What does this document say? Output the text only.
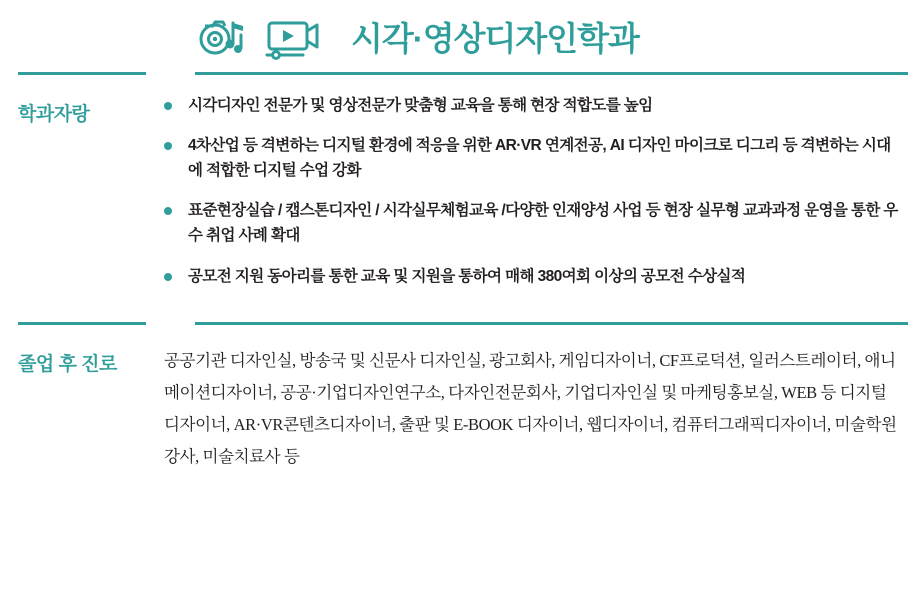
시각·영상디자인학과
학과자랑	시각디자인 전문가 및 영상전문가 맞춤형 교육을 통해 현장 적합도를 높임
4차산업 등 격변하는 디지털 환경에 적응을 위한 AR·VR 연계전공, AI 디자인 마이크로 디그리 등 격변하는 시대에 적합한 디지털 수업 강화
표준현장실습 / 캡스톤디자인 / 시각실무체험교육 /다양한 인재양성 사업 등 현장 실무형 교과과정 운영을 통한 우수 취업 사례 확대
공모전 지원 동아리를 통한 교육 및 지원을 통하여 매해 380여회 이상의 공모전 수상실적
졸업 후 진로	공공기관 디자인실, 방송국 및 신문사 디자인실, 광고회사, 게임디자이너, CF프로덕션, 일러스트레이터, 애니메이션디자이너, 공공·기업디자인연구소, 다자인전문회사, 기업디자인실 및 마케팅홍보실, WEB 등 디지털디자이너, AR·VR콘텐츠디자이너, 출판 및 E-BOOK 디자이너, 웹디자이너, 컴퓨터그래픽디자이너, 미술학원 강사, 미술치료사 등
